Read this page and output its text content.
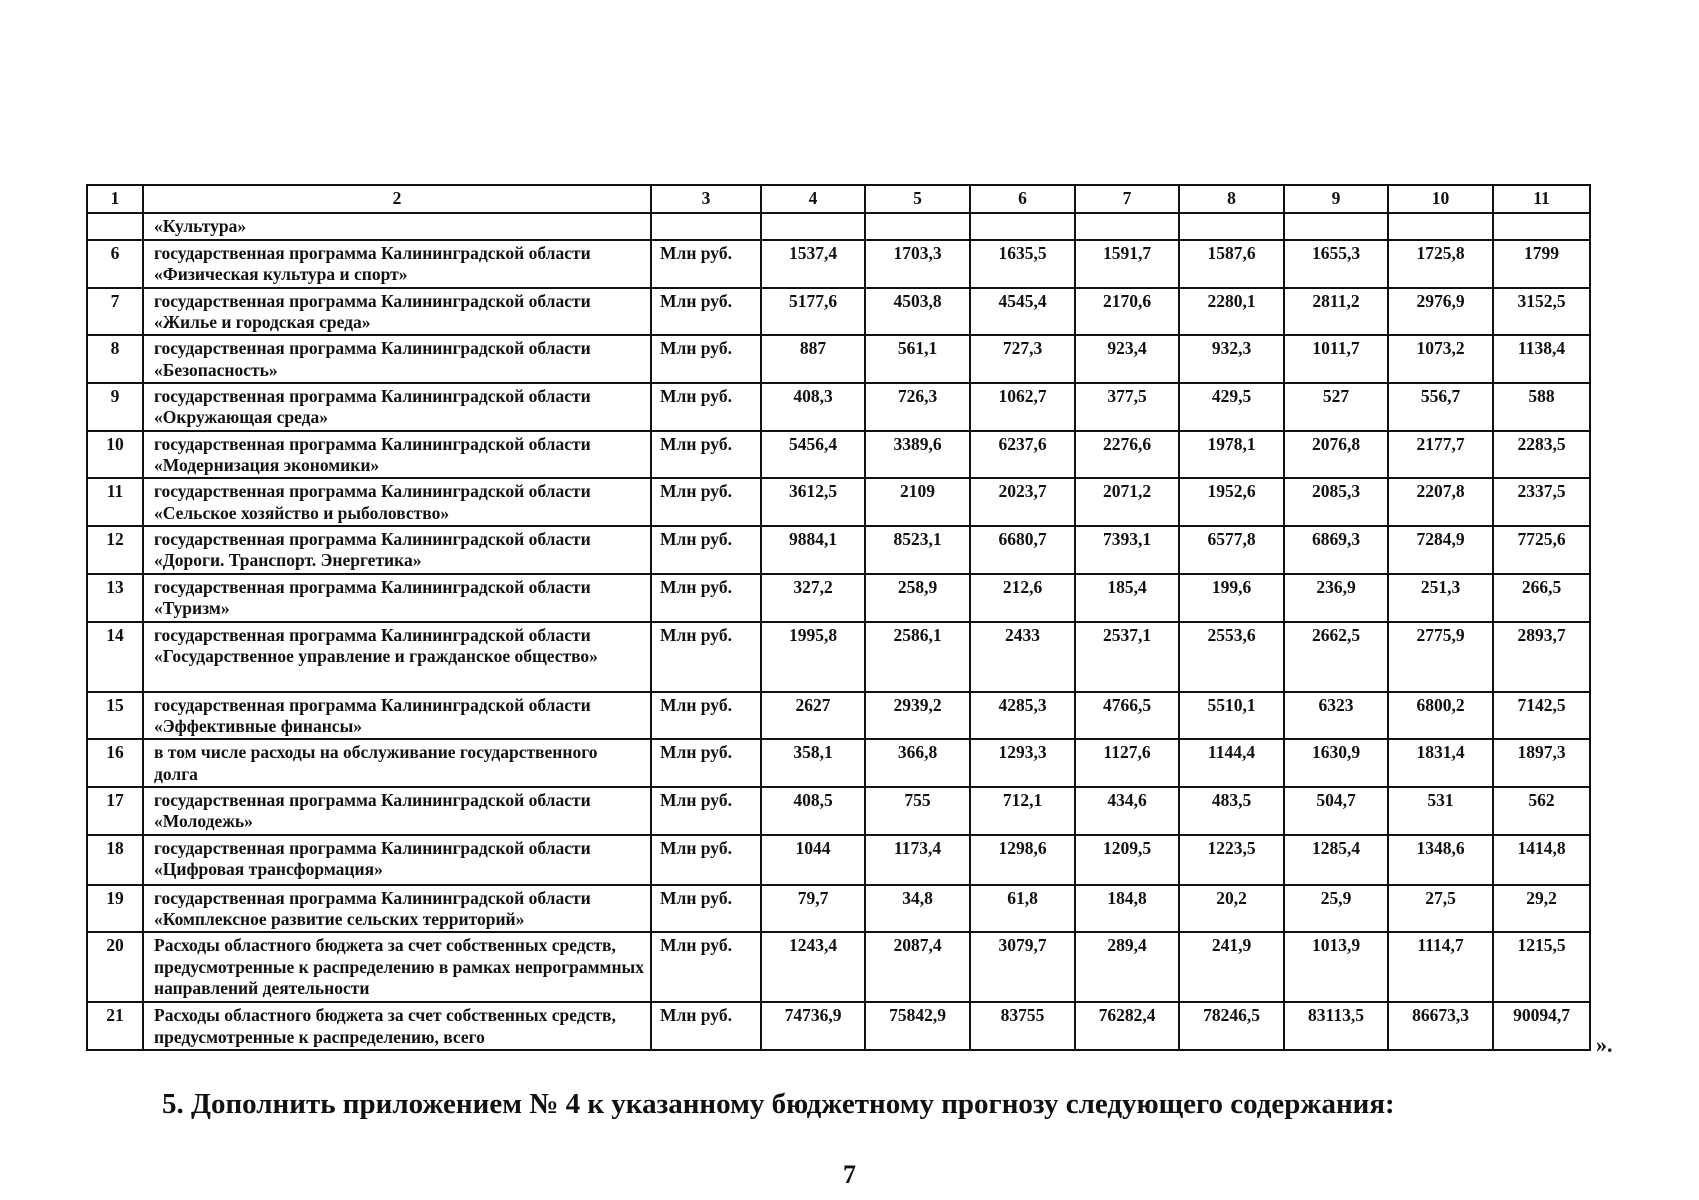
1	2	3	4	5	6	7	8	9	10	11
	«Культура»									
6	государственная программа Калининградской области «Физическая культура и спорт»	Млн руб.	1537,4	1703,3	1635,5	1591,7	1587,6	1655,3	1725,8	1799
7	государственная программа Калининградской области «Жилье и городская среда»	Млн руб.	5177,6	4503,8	4545,4	2170,6	2280,1	2811,2	2976,9	3152,5
8	государственная программа Калининградской области «Безопасность»	Млн руб.	887	561,1	727,3	923,4	932,3	1011,7	1073,2	1138,4
9	государственная программа Калининградской области «Окружающая среда»	Млн руб.	408,3	726,3	1062,7	377,5	429,5	527	556,7	588
10	государственная программа Калининградской области «Модернизация экономики»	Млн руб.	5456,4	3389,6	6237,6	2276,6	1978,1	2076,8	2177,7	2283,5
11	государственная программа Калининградской области «Сельское хозяйство и рыболовство»	Млн руб.	3612,5	2109	2023,7	2071,2	1952,6	2085,3	2207,8	2337,5
12	государственная программа Калининградской области «Дороги. Транспорт. Энергетика»	Млн руб.	9884,1	8523,1	6680,7	7393,1	6577,8	6869,3	7284,9	7725,6
13	государственная программа Калининградской области «Туризм»	Млн руб.	327,2	258,9	212,6	185,4	199,6	236,9	251,3	266,5
14	государственная программа Калининградской области «Государственное управление и гражданское общество»	Млн руб.	1995,8	2586,1	2433	2537,1	2553,6	2662,5	2775,9	2893,7
15	государственная программа Калининградской области «Эффективные финансы»	Млн руб.	2627	2939,2	4285,3	4766,5	5510,1	6323	6800,2	7142,5
16	в том числе расходы на обслуживание государственного долга	Млн руб.	358,1	366,8	1293,3	1127,6	1144,4	1630,9	1831,4	1897,3
17	государственная программа Калининградской области «Молодежь»	Млн руб.	408,5	755	712,1	434,6	483,5	504,7	531	562
18	государственная программа Калининградской области «Цифровая трансформация»	Млн руб.	1044	1173,4	1298,6	1209,5	1223,5	1285,4	1348,6	1414,8
19	государственная программа Калининградской области «Комплексное развитие сельских территорий»	Млн руб.	79,7	34,8	61,8	184,8	20,2	25,9	27,5	29,2
20	Расходы областного бюджета за счет собственных средств, предусмотренные к распределению в рамках непрограммных направлений деятельности	Млн руб.	1243,4	2087,4	3079,7	289,4	241,9	1013,9	1114,7	1215,5
21	Расходы областного бюджета за счет собственных средств, предусмотренные к распределению, всего	Млн руб.	74736,9	75842,9	83755	76282,4	78246,5	83113,5	86673,3	90094,7
».
5. Дополнить приложением № 4 к указанному бюджетному прогнозу следующего содержания:
7
